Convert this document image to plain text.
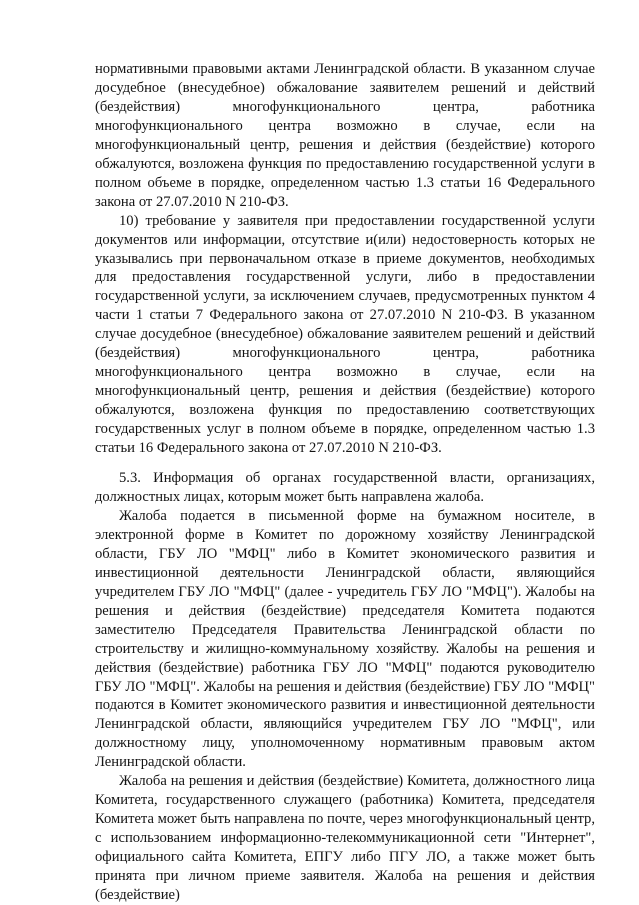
нормативными правовыми актами Ленинградской области. В указанном случае досудебное (внесудебное) обжалование заявителем решений и действий (бездействия) многофункционального центра, работника многофункционального центра возможно в случае, если на многофункциональный центр, решения и действия (бездействие) которого обжалуются, возложена функция по предоставлению государственной услуги в полном объеме в порядке, определенном частью 1.3 статьи 16 Федерального закона от 27.07.2010 N 210-ФЗ.

10) требование у заявителя при предоставлении государственной услуги документов или информации, отсутствие и(или) недостоверность которых не указывались при первоначальном отказе в приеме документов, необходимых для предоставления государственной услуги, либо в предоставлении государственной услуги, за исключением случаев, предусмотренных пунктом 4 части 1 статьи 7 Федерального закона от 27.07.2010 N 210-ФЗ. В указанном случае досудебное (внесудебное) обжалование заявителем решений и действий (бездействия) многофункционального центра, работника многофункционального центра возможно в случае, если на многофункциональный центр, решения и действия (бездействие) которого обжалуются, возложена функция по предоставлению соответствующих государственных услуг в полном объеме в порядке, определенном частью 1.3 статьи 16 Федерального закона от 27.07.2010 N 210-ФЗ.

5.3. Информация об органах государственной власти, организациях, должностных лицах, которым может быть направлена жалоба.

Жалоба подается в письменной форме на бумажном носителе, в электронной форме в Комитет по дорожному хозяйству Ленинградской области, ГБУ ЛО "МФЦ" либо в Комитет экономического развития и инвестиционной деятельности Ленинградской области, являющийся учредителем ГБУ ЛО "МФЦ" (далее - учредитель ГБУ ЛО "МФЦ"). Жалобы на решения и действия (бездействие) председателя Комитета подаются заместителю Председателя Правительства Ленинградской области по строительству и жилищно-коммунальному хозяйству. Жалобы на решения и действия (бездействие) работника ГБУ ЛО "МФЦ" подаются руководителю ГБУ ЛО "МФЦ". Жалобы на решения и действия (бездействие) ГБУ ЛО "МФЦ" подаются в Комитет экономического развития и инвестиционной деятельности Ленинградской области, являющийся учредителем ГБУ ЛО "МФЦ", или должностному лицу, уполномоченному нормативным правовым актом Ленинградской области.

Жалоба на решения и действия (бездействие) Комитета, должностного лица Комитета, государственного служащего (работника) Комитета, председателя Комитета может быть направлена по почте, через многофункциональный центр, с использованием информационно-телекоммуникационной сети "Интернет", официального сайта Комитета, ЕПГУ либо ПГУ ЛО, а также может быть принята при личном приеме заявителя. Жалоба на решения и действия (бездействие)
